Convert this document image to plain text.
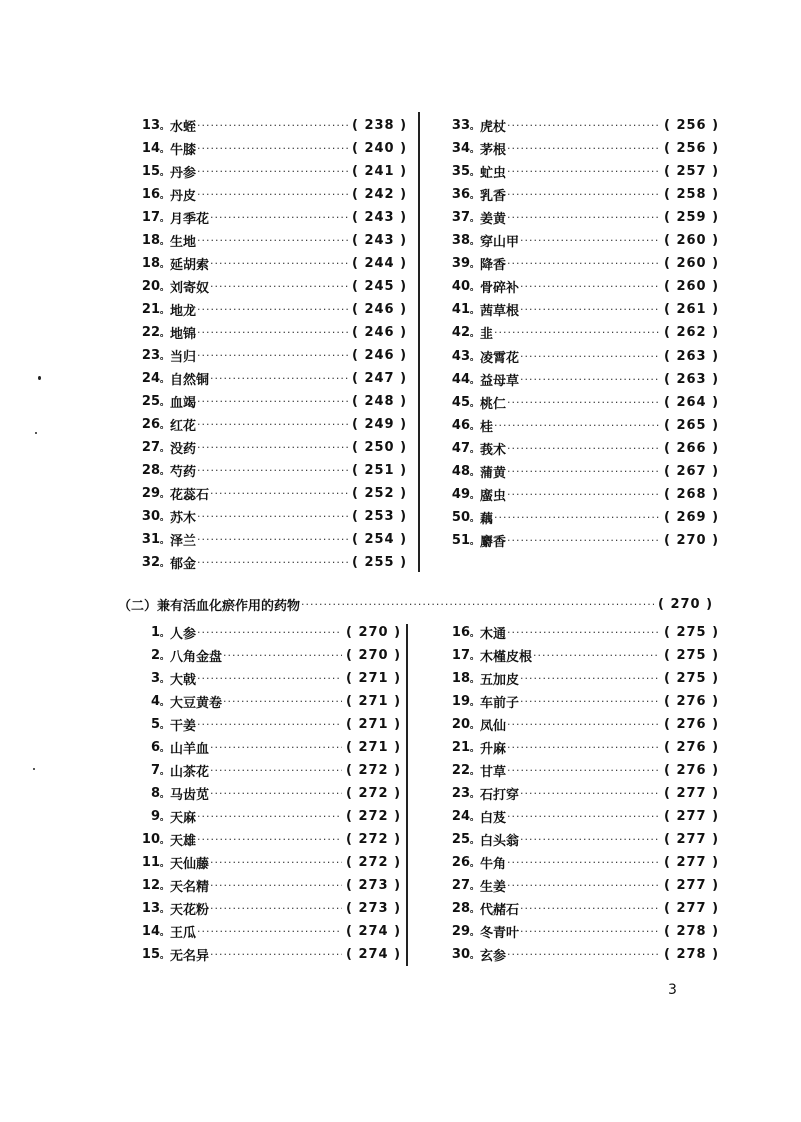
13 。 水蛭 ·····	( 238 )
14 。 牛膝 ·····	( 240 )
15 。 丹参 ·····	( 241 )
16 。 丹皮 ·····	( 242 )
17 。 月季花 ·····	( 243 )
18 。 生地 ·····	( 243 )
18 。 延胡索 ·····	( 244 )
20 。 刘寄奴 ·····	( 245 )
21 。 地龙 ·····	( 246 )
22 。 地锦 ·····	( 246 )
23 。 当归 ·····	( 246 )
24 。 自然铜 ·····	( 247 )
25 。 血竭 ·····	( 248 )
26 。 红花 ·····	( 249 )
27 。 没药 ·····	( 250 )
28 。 芍药 ·····	( 251 )
29 。 花蕊石 ·····	( 252 )
30 。 苏木 ·····	( 253 )
31 。 泽兰 ·····	( 254 )
32 。 郁金 ·····	( 255 )
33 。 虎杖 ·····	( 256 )
34 。 茅根 ·····	( 256 )
35 。 虻虫 ·····	( 257 )
36 。 乳香 ·····	( 258 )
37 。 姜黄 ·····	( 259 )
38 。 穿山甲 ·····	( 260 )
39 。 降香 ·····	( 260 )
40 。 骨碎补 ·····	( 260 )
41 。 茜草根 ·····	( 261 )
42 。 韭 ·····	( 262 )
43 。 凌霄花 ·····	( 263 )
44 。 益母草 ·····	( 263 )
45 。 桃仁 ·····	( 264 )
46 。 桂 ·····	( 265 )
47 。 莪术 ·····	( 266 )
48 。 蒲黄 ·····	( 267 )
49 。 䗪虫 ·····	( 268 )
50 。 藕 ·····	( 269 )
51 。 麝香 ·····	( 270 )
（二）兼有活血化瘀作用的药物 ·····	( 270 )
1 。 人参 ·····	( 270 )
2 。 八角金盘 ·····	( 270 )
3 。 大戟 ·····	( 271 )
4 。 大豆黄卷 ·····	( 271 )
5 。 干姜 ·····	( 271 )
6 。 山羊血 ·····	( 271 )
7 。 山茶花 ·····	( 272 )
8 。 马齿苋 ·····	( 272 )
9 。 天麻 ·····	( 272 )
10 。 天雄 ·····	( 272 )
11 。 天仙藤 ·····	( 272 )
12 。 天名精 ·····	( 273 )
13 。 天花粉 ·····	( 273 )
14 。 王瓜 ·····	( 274 )
15 。 无名异 ·····	( 274 )
16 。 木通 ·····	( 275 )
17 。 木槿皮根 ·····	( 275 )
18 。 五加皮 ·····	( 275 )
19 。 车前子 ·····	( 276 )
20 。 凤仙 ·····	( 276 )
21 。 升麻 ·····	( 276 )
22 。 甘草 ·····	( 276 )
23 。 石打穿 ·····	( 277 )
24 。 白芨 ·····	( 277 )
25 。 白头翁 ·····	( 277 )
26 。 牛角 ·····	( 277 )
27 。 生姜 ·····	( 277 )
28 。 代赭石 ·····	( 277 )
29 。 冬青叶 ·····	( 278 )
30 。 玄参 ·····	( 278 )
3
